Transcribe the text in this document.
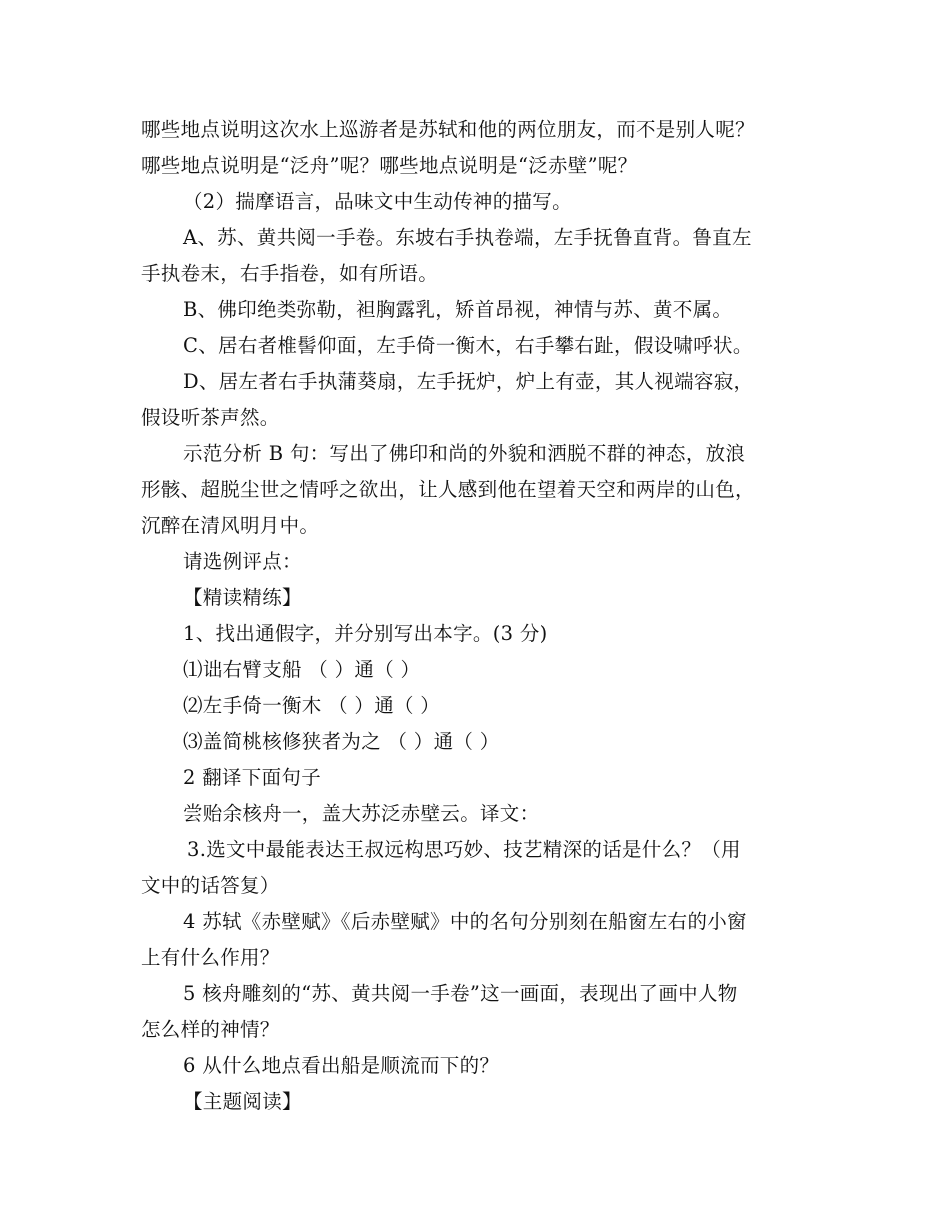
哪些地点说明这次水上巡游者是苏轼和他的两位朋友，而不是别人呢？
哪些地点说明是“泛舟”呢？哪些地点说明是“泛赤壁”呢？
（2）揣摩语言，品味文中生动传神的描写。
A、苏、黄共阅一手卷。东坡右手执卷端，左手抚鲁直背。鲁直左
手执卷末，右手指卷，如有所语。
B、佛印绝类弥勒，袒胸露乳，矫首昂视，神情与苏、黄不属。
C、居右者椎髻仰面，左手倚一衡木，右手攀右趾，假设啸呼状。
D、居左者右手执蒲葵扇，左手抚炉，炉上有壶，其人视端容寂，
假设听茶声然。
示范分析 B 句：写出了佛印和尚的外貌和洒脱不群的神态，放浪
形骸、超脱尘世之情呼之欲出，让人感到他在望着天空和两岸的山色，
沉醉在清风明月中。
请选例评点：
【精读精练】
1、找出通假字，并分别写出本字。(3 分)
⑴诎右臂支船 （ ）通（ ）
⑵左手倚一衡木 （ ）通（ ）
⑶盖简桃核修狭者为之 （ ）通（ ）
2 翻译下面句子
尝贻余核舟一，盖大苏泛赤壁云。译文：
3.选文中最能表达王叔远构思巧妙、技艺精深的话是什么？（用
文中的话答复）
4 苏轼《赤壁赋》《后赤壁赋》中的名句分别刻在船窗左右的小窗
上有什么作用？
5 核舟雕刻的“苏、黄共阅一手卷”这一画面，表现出了画中人物
怎么样的神情？
6 从什么地点看出船是顺流而下的？
【主题阅读】
